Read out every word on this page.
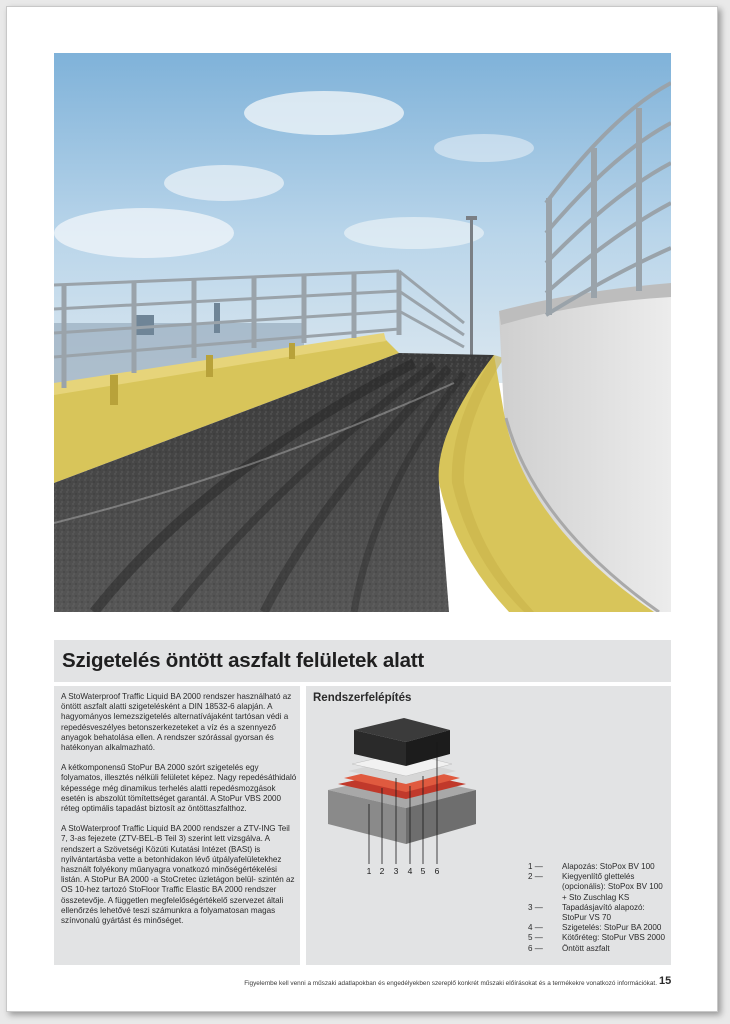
Szigetelés öntött aszfalt felületek alatt

A StoWaterproof Traffic Liquid BA 2000 rendszer használható az öntött aszfalt alatti szigetelésként a DIN 18532-6 alapján. A hagyományos lemezszigetelés alternatívájaként tartósan védi a repedésveszélyes betonszerkezeteket a víz és a szennyező anyagok behatolása ellen. A rendszer szórással gyorsan és hatékonyan alkalmazható.

A kétkomponensű StoPur BA 2000 szórt szigetelés egy folyamatos, illesztés nélküli felületet képez. Nagy repedésáthidaló képessége még dinamikus terhelés alatti repedésmozgások esetén is abszolút tömítettséget garantál. A StoPur VBS 2000 réteg optimális tapadást biztosít az öntöttaszfalthoz.

A StoWaterproof Traffic Liquid BA 2000 rendszer a ZTV-ING Teil 7, 3-as fejezete (ZTV-BEL-B Teil 3) szerint lett vizsgálva. A rendszert a Szövetségi Közúti Kutatási Intézet (BASt) is nyilvántartásba vette a betonhidakon lévő útpályafelületekhez használt folyékony műanyagra vonatkozó minőségértékelési listán. A StoPur BA 2000 -a StoCretec üzletágon belül- szintén az OS 10-hez tartozó StoFloor Traffic Elastic BA 2000 rendszer összetevője. A független megfelelőségértékelő szervezet általi ellenőrzés lehetővé teszi számunkra a folyamatosan magas színvonalú gyártást és minőséget.

Rendszerfelépítés
1 2 3 4 5 6	1 —	Alapozás: StoPox BV 100
2 —	Kiegyenlítő glettelés (opcionális): StoPox BV 100 + Sto Zuschlag KS
3 —	Tapadásjavító alapozó: StoPur VS 70
4 —	Szigetelés: StoPur BA 2000
5 —	Kötőréteg: StoPur VBS 2000
6 —	Öntött aszfalt
Figyelembe kell venni a műszaki adatlapokban és engedélyekben szereplő konkrét műszaki előírásokat és a termékekre vonatkozó információkat. 15
